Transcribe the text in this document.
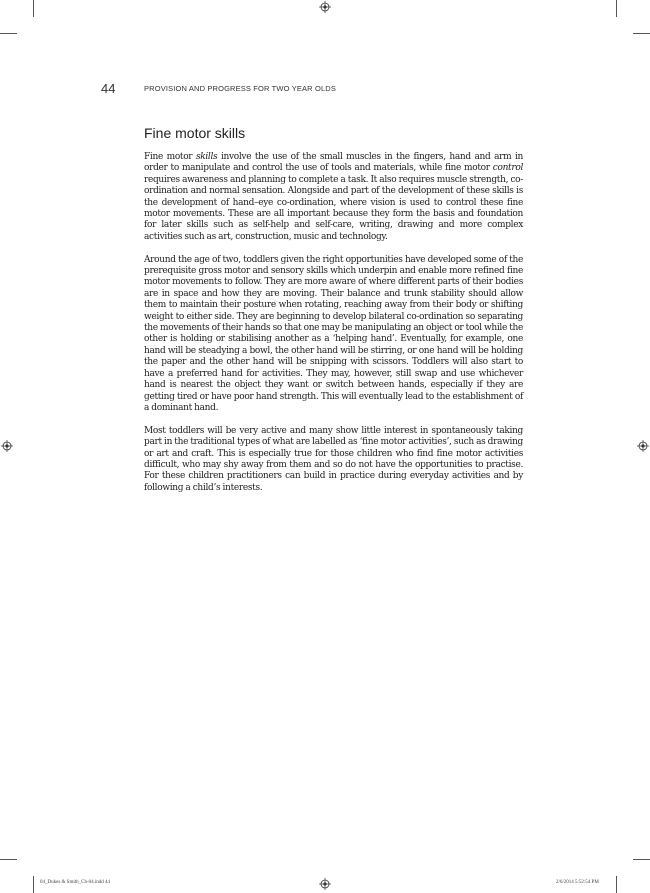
44	PROVISION AND PROGRESS FOR TWO YEAR OLDS
Fine motor skills

Fine motor skills involve the use of the small muscles in the fingers, hand and arm in order to manipulate and control the use of tools and materials, while fine motor control requires awareness and planning to complete a task. It also requires muscle strength, co-ordination and normal sensation. Alongside and part of the development of these skills is the development of hand–eye co-ordination, where vision is used to control these fine motor movements. These are all important because they form the basis and foundation for later skills such as self-help and self-care, writing, drawing and more complex activities such as art, construction, music and technology.

Around the age of two, toddlers given the right opportunities have developed some of the prerequisite gross motor and sensory skills which underpin and enable more refined fine motor movements to follow. They are more aware of where different parts of their bodies are in space and how they are moving. Their balance and trunk stability should allow them to maintain their posture when rotating, reaching away from their body or shifting weight to either side. They are beginning to develop bilateral co-ordination so separating the movements of their hands so that one may be manipulating an object or tool while the other is holding or stabilising another as a ‘helping hand’. Eventually, for example, one hand will be steadying a bowl, the other hand will be stirring, or one hand will be holding the paper and the other hand will be snipping with scissors. Toddlers will also start to have a preferred hand for activities. They may, however, still swap and use whichever hand is nearest the object they want or switch between hands, especially if they are getting tired or have poor hand strength. This will eventually lead to the establishment of a dominant hand.

Most toddlers will be very active and many show little interest in spontaneously taking part in the traditional types of what are labelled as ‘fine motor activities’, such as drawing or art and craft. This is especially true for those children who find fine motor activities difficult, who may shy away from them and so do not have the opportunities to practise. For these children practitioners can build in practice during everyday activities and by following a child’s interests.

04_Dukes & Smith_Ch-04.indd 44	2/6/2014 5:52:54 PM
